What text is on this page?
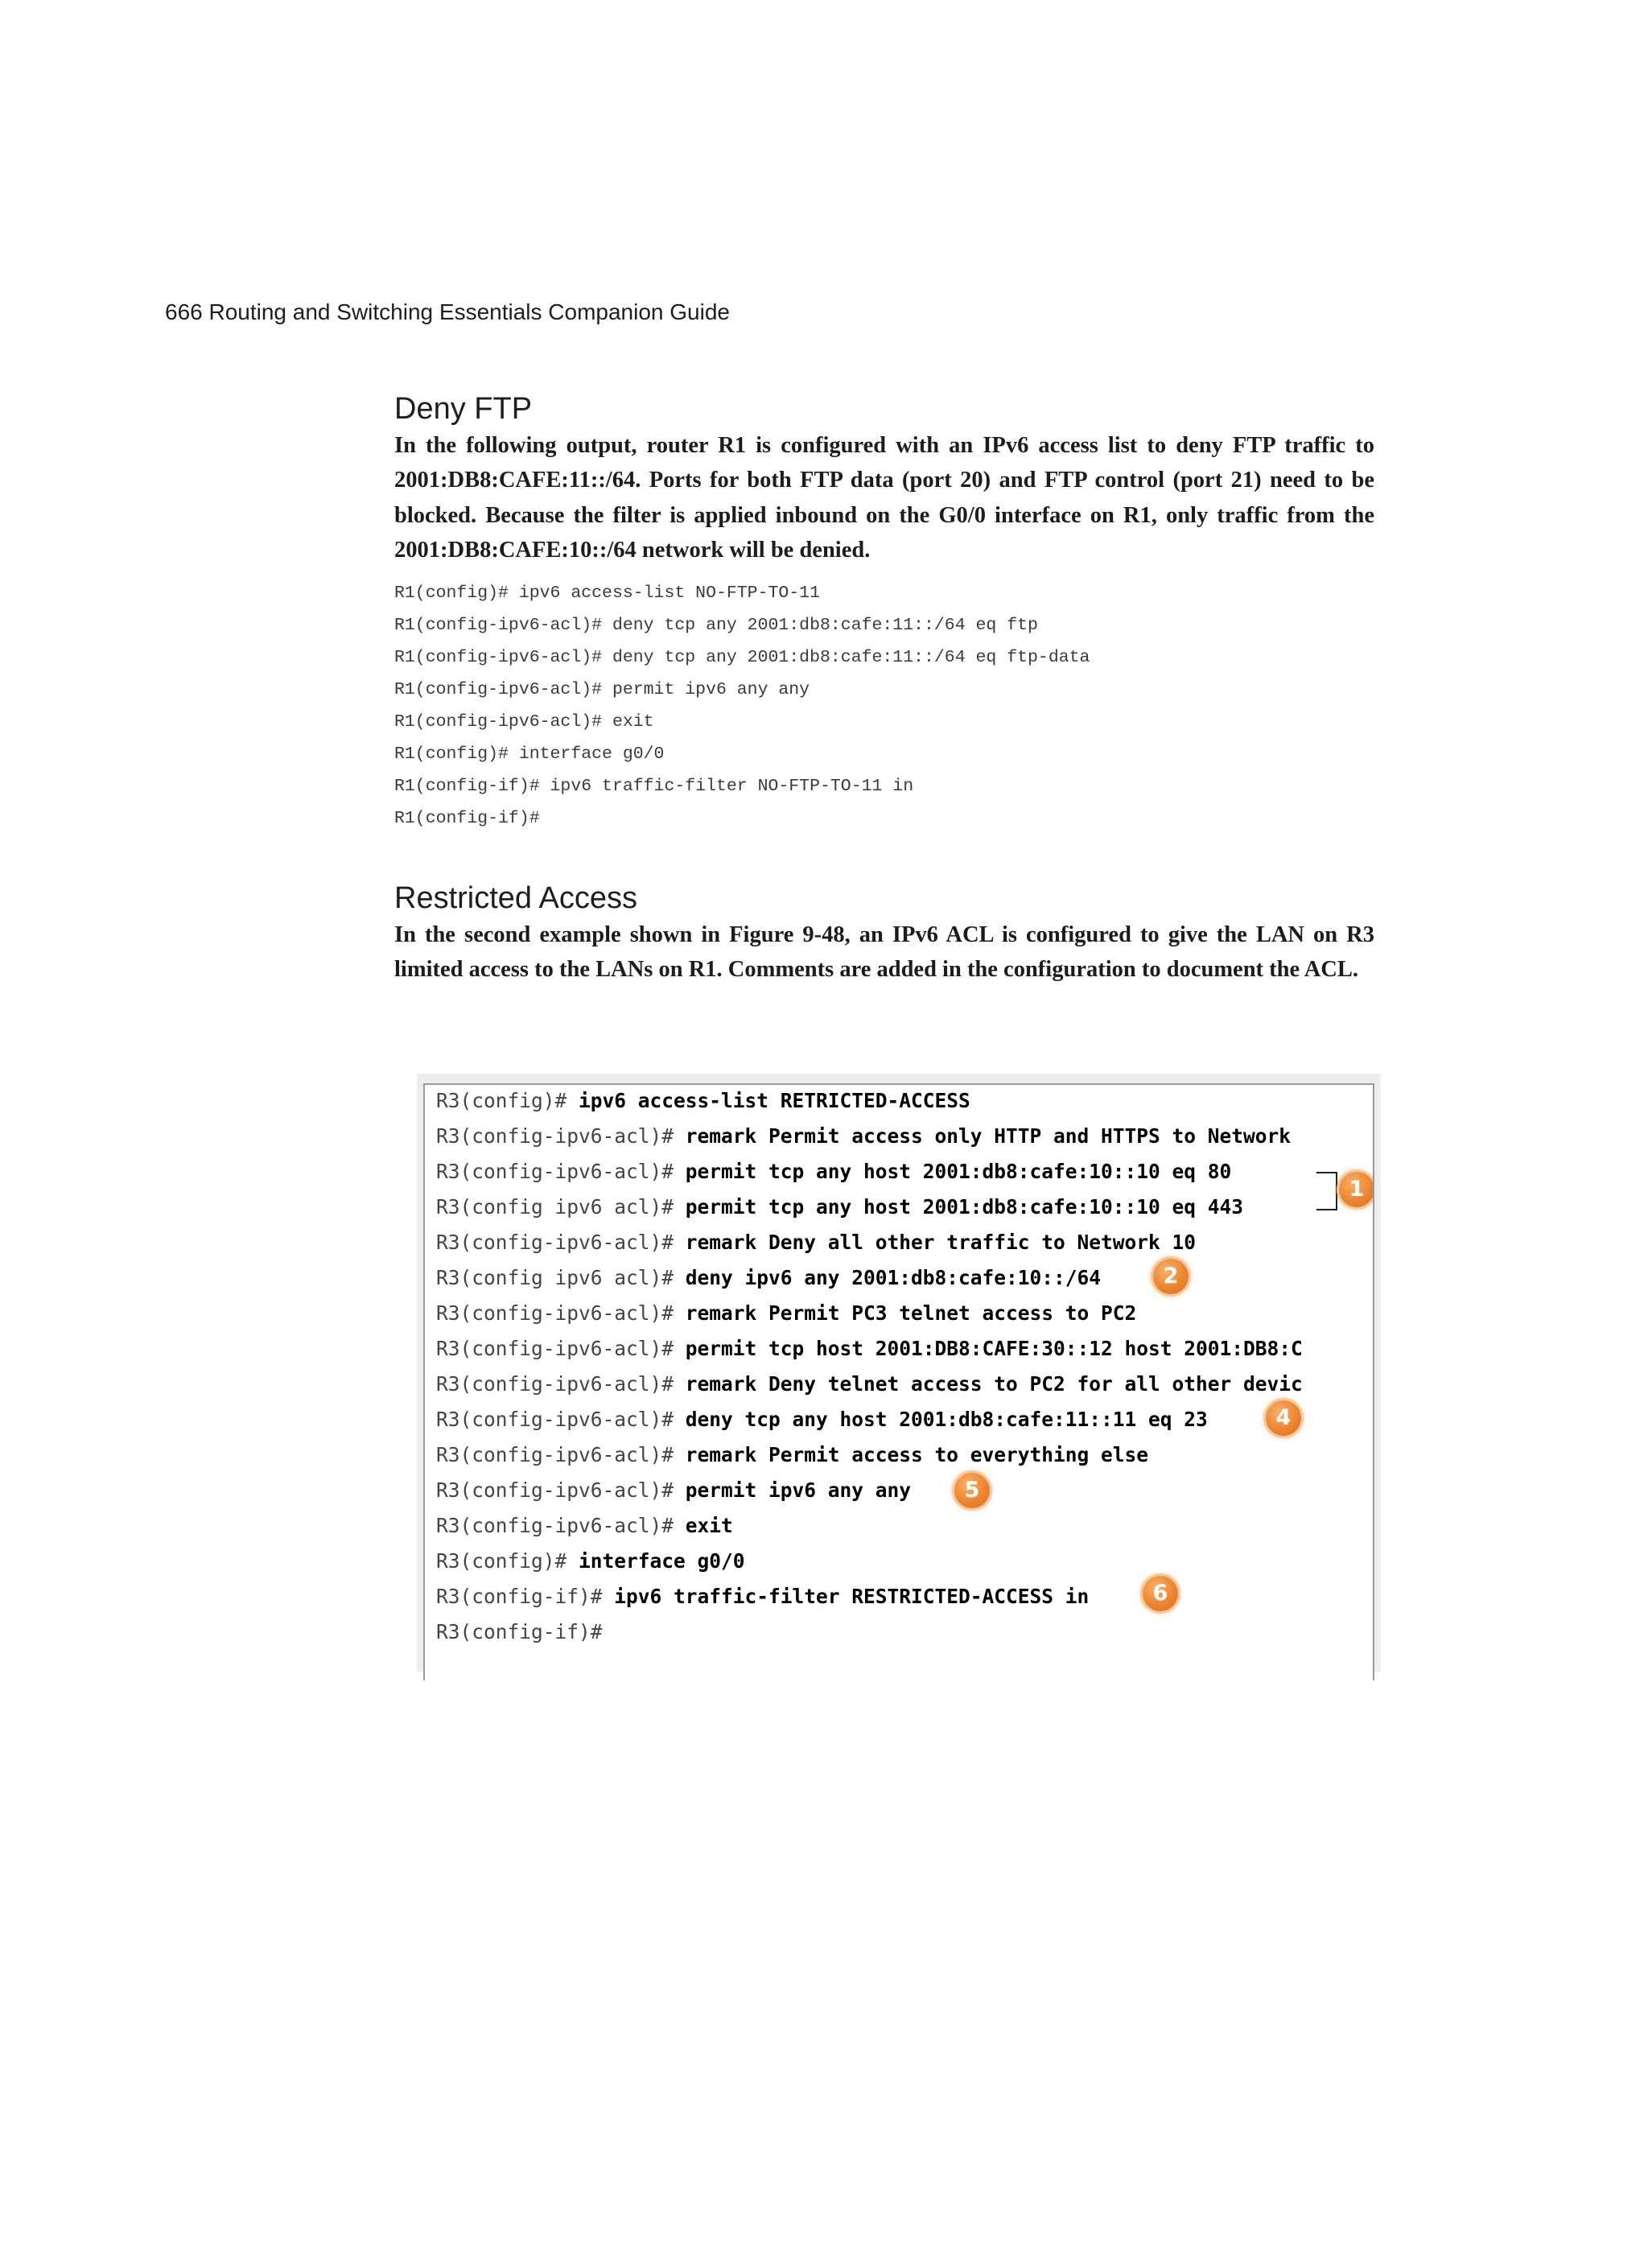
666 Routing and Switching Essentials Companion Guide
Deny FTP

In the following output, router R1 is configured with an IPv6 access list to deny FTP traffic to 2001:DB8:CAFE:11::/64. Ports for both FTP data (port 20) and FTP control (port 21) need to be blocked. Because the filter is applied inbound on the G0/0 interface on R1, only traffic from the 2001:DB8:CAFE:10::/64 network will be denied.

R1(config)# ipv6 access-list NO-FTP-TO-11
R1(config-ipv6-acl)# deny tcp any 2001:db8:cafe:11::/64 eq ftp
R1(config-ipv6-acl)# deny tcp any 2001:db8:cafe:11::/64 eq ftp-data
R1(config-ipv6-acl)# permit ipv6 any any
R1(config-ipv6-acl)# exit
R1(config)# interface g0/0
R1(config-if)# ipv6 traffic-filter NO-FTP-TO-11 in
R1(config-if)#
Restricted Access

In the second example shown in Figure 9-48, an IPv6 ACL is configured to give the LAN on R3 limited access to the LANs on R1. Comments are added in the configuration to document the ACL.

R3(config)# ipv6 access-list RETRICTED-ACCESS
R3(config-ipv6-acl)# remark Permit access only HTTP and HTTPS to Network
R3(config-ipv6-acl)# permit tcp any host 2001:db8:cafe:10::10 eq 80
R3(config ipv6 acl)# permit tcp any host 2001:db8:cafe:10::10 eq 443
R3(config-ipv6-acl)# remark Deny all other traffic to Network 10
R3(config ipv6 acl)# deny ipv6 any 2001:db8:cafe:10::/64
R3(config-ipv6-acl)# remark Permit PC3 telnet access to PC2
R3(config-ipv6-acl)# permit tcp host 2001:DB8:CAFE:30::12 host 2001:DB8:C
R3(config-ipv6-acl)# remark Deny telnet access to PC2 for all other devic
R3(config-ipv6-acl)# deny tcp any host 2001:db8:cafe:11::11 eq 23
R3(config-ipv6-acl)# remark Permit access to everything else
R3(config-ipv6-acl)# permit ipv6 any any
R3(config-ipv6-acl)# exit
R3(config)# interface g0/0
R3(config-if)# ipv6 traffic-filter RESTRICTED-ACCESS in
R3(config-if)#
1
2
4
5
6
